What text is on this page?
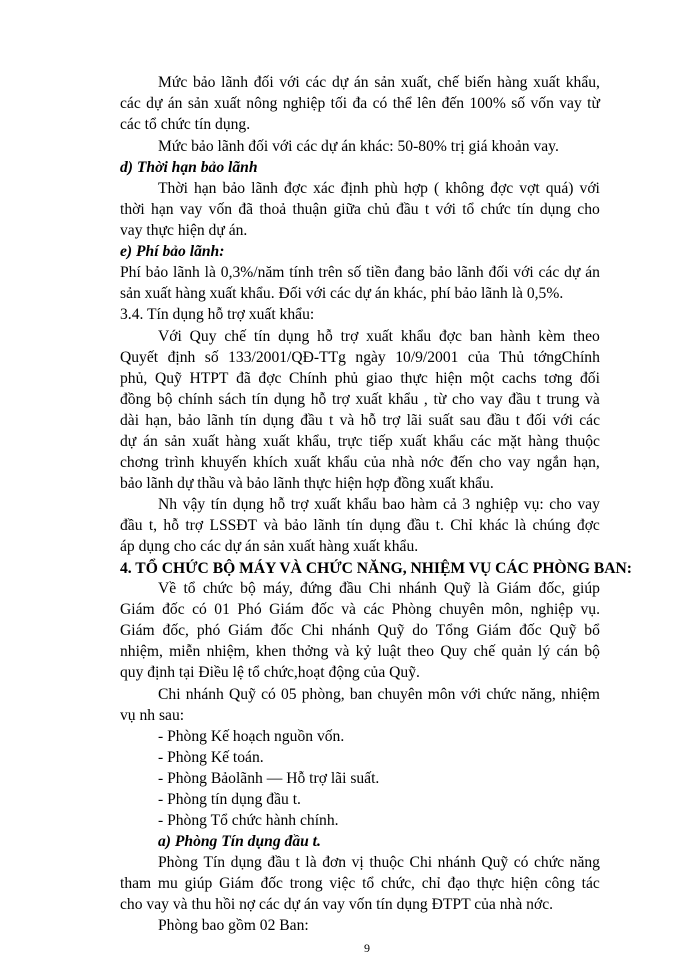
Mức bảo lãnh đối với các dự án sản xuất, chế biến hàng xuất khẩu,
các dự án sản xuất nông nghiệp tối đa có thể lên đến 100% số vốn vay từ
các tổ chức tín dụng.
Mức bảo lãnh đối với các dự án khác: 50-80% trị giá khoản vay.
d) Thời hạn bảo lãnh
Thời hạn bảo lãnh đợc xác định phù hợp ( không đợc vợt quá) với
thời hạn vay vốn đã thoả thuận giữa chủ đầu t với tổ chức tín dụng cho
vay thực hiện dự án.
e) Phí bảo lãnh:
Phí bảo lãnh là 0,3%/năm tính trên số tiền đang bảo lãnh đối với các dự án
sản xuất hàng xuất khẩu. Đối với các dự án khác, phí bảo lãnh là 0,5%.
3.4. Tín dụng hỗ trợ xuất khẩu:
Với Quy chế tín dụng hỗ trợ xuất khẩu đợc ban hành kèm theo
Quyết định số 133/2001/QĐ-TTg ngày 10/9/2001 của Thủ tớngChính
phủ, Quỹ HTPT đã đợc Chính phủ giao thực hiện một cachs tơng đối
đồng bộ chính sách tín dụng hỗ trợ xuất khẩu , từ cho vay đầu t trung và
dài hạn, bảo lãnh tín dụng đầu t và hỗ trợ lãi suất sau đầu t đối với các
dự án sản xuất hàng xuất khẩu, trực tiếp xuất khẩu các mặt hàng thuộc
chơng trình khuyến khích xuất khẩu của nhà nớc đến cho vay ngắn hạn,
bảo lãnh dự thầu và bảo lãnh thực hiện hợp đồng xuất khẩu.
Nh vậy tín dụng hỗ trợ xuất khẩu bao hàm cả 3 nghiệp vụ: cho vay
đầu t, hỗ trợ LSSĐT và bảo lãnh tín dụng đầu t. Chỉ khác là chúng đợc
áp dụng cho các dự án sản xuất hàng xuất khẩu.
4. TỔ CHỨC BỘ MÁY VÀ CHỨC NĂNG, NHIỆM VỤ CÁC PHÒNG BAN:
Về tổ chức bộ máy, đứng đầu Chi nhánh Quỹ là Giám đốc, giúp
Giám đốc có 01 Phó Giám đốc và các Phòng chuyên môn, nghiệp vụ.
Giám đốc, phó Giám đốc Chi nhánh Quỹ do Tổng Giám đốc Quỹ bổ
nhiệm, miễn nhiệm, khen thởng và kỷ luật theo Quy chế quản lý cán bộ
quy định tại Điều lệ tổ chức,hoạt động của Quỹ.
Chi nhánh Quỹ có 05 phòng, ban chuyên môn với chức năng, nhiệm
vụ nh sau:
- Phòng Kế hoạch nguồn vốn.
- Phòng Kế toán.
- Phòng Bảolãnh — Hỗ trợ lãi suất.
- Phòng tín dụng đầu t.
- Phòng Tổ chức hành chính.
a) Phòng Tín dụng đầu t.
Phòng Tín dụng đầu t là đơn vị thuộc Chi nhánh Quỹ có chức năng
tham mu giúp Giám đốc trong việc tổ chức, chỉ đạo thực hiện công tác
cho vay và thu hồi nợ các dự án vay vốn tín dụng ĐTPT của nhà nớc.
Phòng bao gồm 02 Ban:
9
